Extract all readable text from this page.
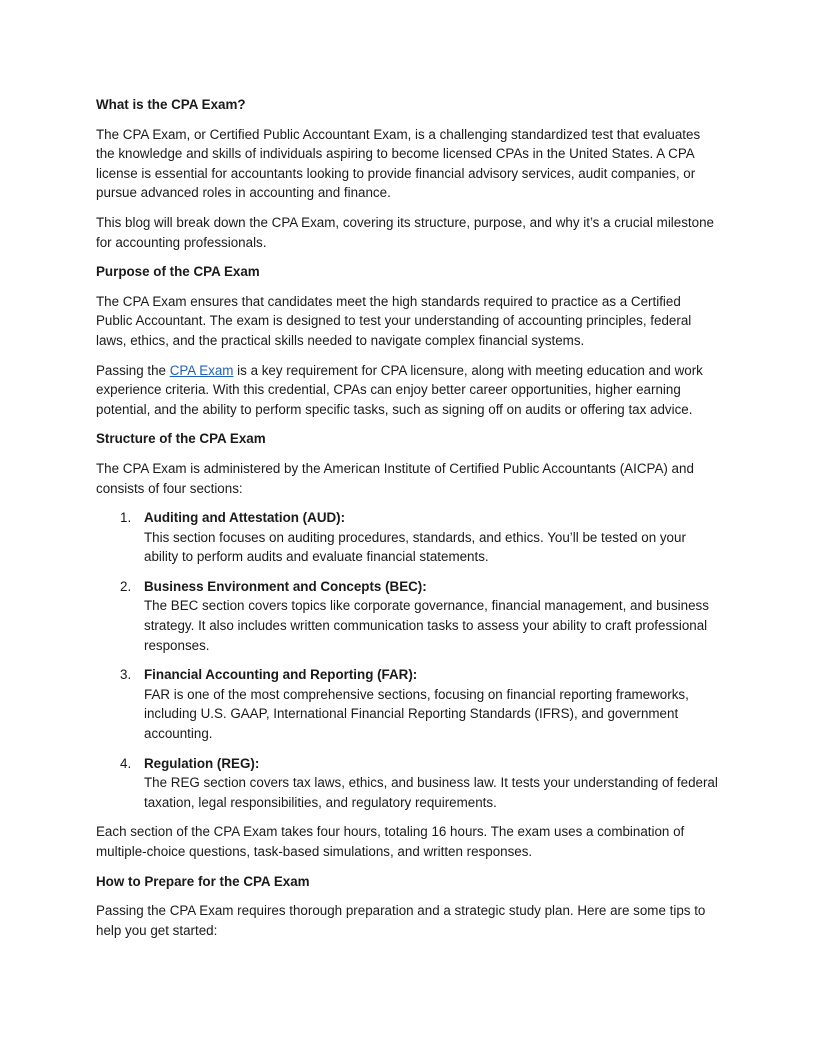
What is the CPA Exam?

The CPA Exam, or Certified Public Accountant Exam, is a challenging standardized test that evaluates the knowledge and skills of individuals aspiring to become licensed CPAs in the United States. A CPA license is essential for accountants looking to provide financial advisory services, audit companies, or pursue advanced roles in accounting and finance.

This blog will break down the CPA Exam, covering its structure, purpose, and why it’s a crucial milestone for accounting professionals.

Purpose of the CPA Exam

The CPA Exam ensures that candidates meet the high standards required to practice as a Certified Public Accountant. The exam is designed to test your understanding of accounting principles, federal laws, ethics, and the practical skills needed to navigate complex financial systems.

Passing the CPA Exam is a key requirement for CPA licensure, along with meeting education and work experience criteria. With this credential, CPAs can enjoy better career opportunities, higher earning potential, and the ability to perform specific tasks, such as signing off on audits or offering tax advice.

Structure of the CPA Exam

The CPA Exam is administered by the American Institute of Certified Public Accountants (AICPA) and consists of four sections:

1. Auditing and Attestation (AUD):
This section focuses on auditing procedures, standards, and ethics. You’ll be tested on your ability to perform audits and evaluate financial statements.
2. Business Environment and Concepts (BEC):
The BEC section covers topics like corporate governance, financial management, and business strategy. It also includes written communication tasks to assess your ability to craft professional responses.
3. Financial Accounting and Reporting (FAR):
FAR is one of the most comprehensive sections, focusing on financial reporting frameworks, including U.S. GAAP, International Financial Reporting Standards (IFRS), and government accounting.
4. Regulation (REG):
The REG section covers tax laws, ethics, and business law. It tests your understanding of federal taxation, legal responsibilities, and regulatory requirements.

Each section of the CPA Exam takes four hours, totaling 16 hours. The exam uses a combination of multiple-choice questions, task-based simulations, and written responses.

How to Prepare for the CPA Exam

Passing the CPA Exam requires thorough preparation and a strategic study plan. Here are some tips to help you get started:
